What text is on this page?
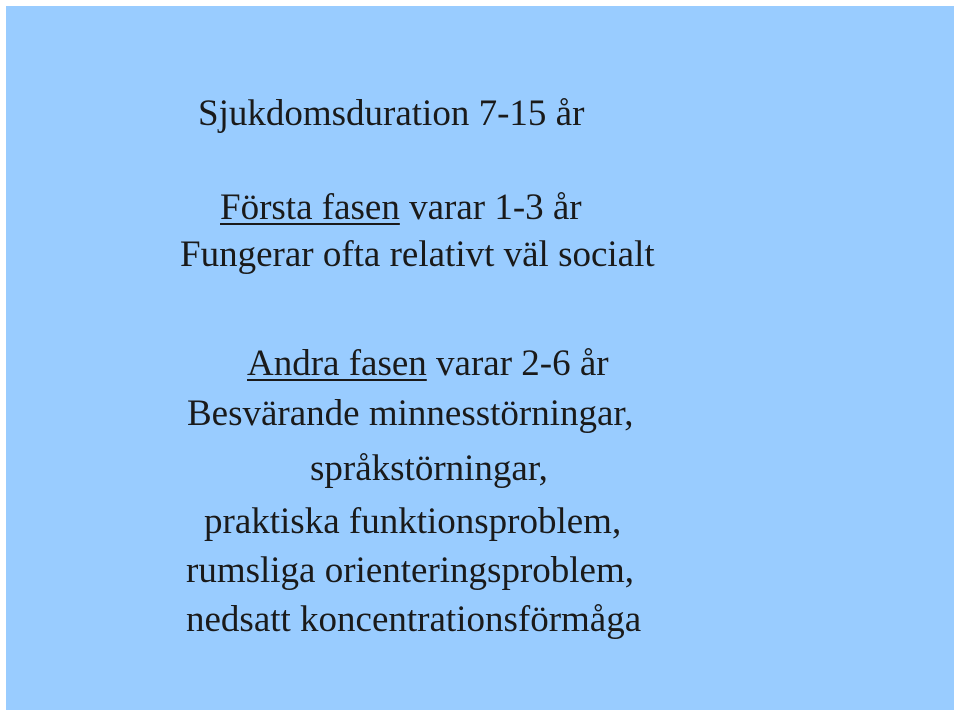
Sjukdomsduration 7-15 år
Första fasen varar 1-3 år
Fungerar ofta relativt väl socialt
Andra fasen varar 2-6 år
Besvärande minnesstörningar,
språkstörningar,
praktiska funktionsproblem,
rumsliga orienteringsproblem,
nedsatt koncentrationsförmåga
